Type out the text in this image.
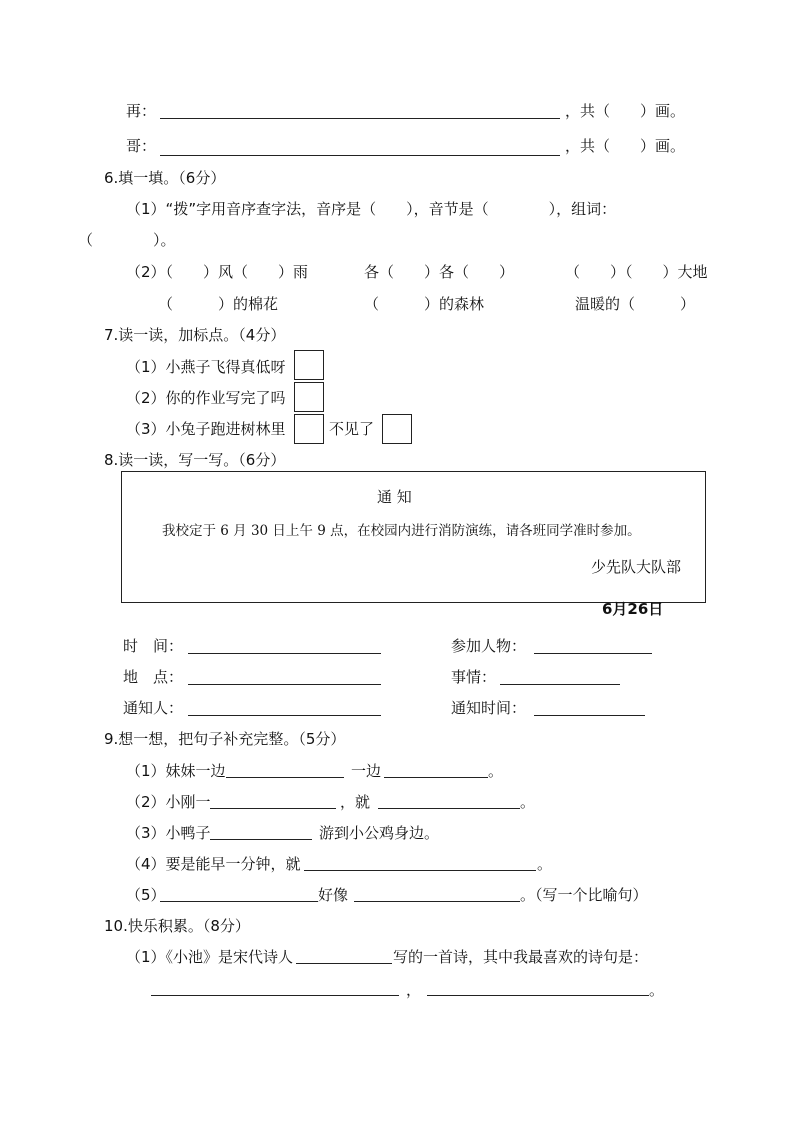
再：	，共（　　）画。
哥：	，共（　　）画。
6.填一填。（6分）
（1）“拨”字用音序查字法，音序是（　　），音节是（　　　　），组词：
（　　　　）。
（2）（　　）风（　　）雨	各（　　）各（　　）	（　　）（　　）大地
（　　　）的棉花	（　　　）的森林	温暖的（　　　）
7.读一读，加标点。（4分）
（1）小燕子飞得真低呀
（2）你的作业写完了吗
（3）小兔子跑进树林里	不见了
8.读一读，写一写。（6分）
通 知
我校定于 6 月 30 日上午 9 点，在校园内进行消防演练，请各班同学准时参加。
少先队大队部
6月26日
时　间：	参加人物：
地　点：	事情：
通知人：	通知时间：
9.想一想，把句子补充完整。（5分）
（1）妹妹一边	一边	。
（2）小刚一	，就	。
（3）小鸭子	游到小公鸡身边。
（4）要是能早一分钟，就	。
（5）	好像	。（写一个比喻句）
10.快乐积累。（8分）
（1）《小池》是宋代诗人	写的一首诗，其中我最喜欢的诗句是：
，	。
